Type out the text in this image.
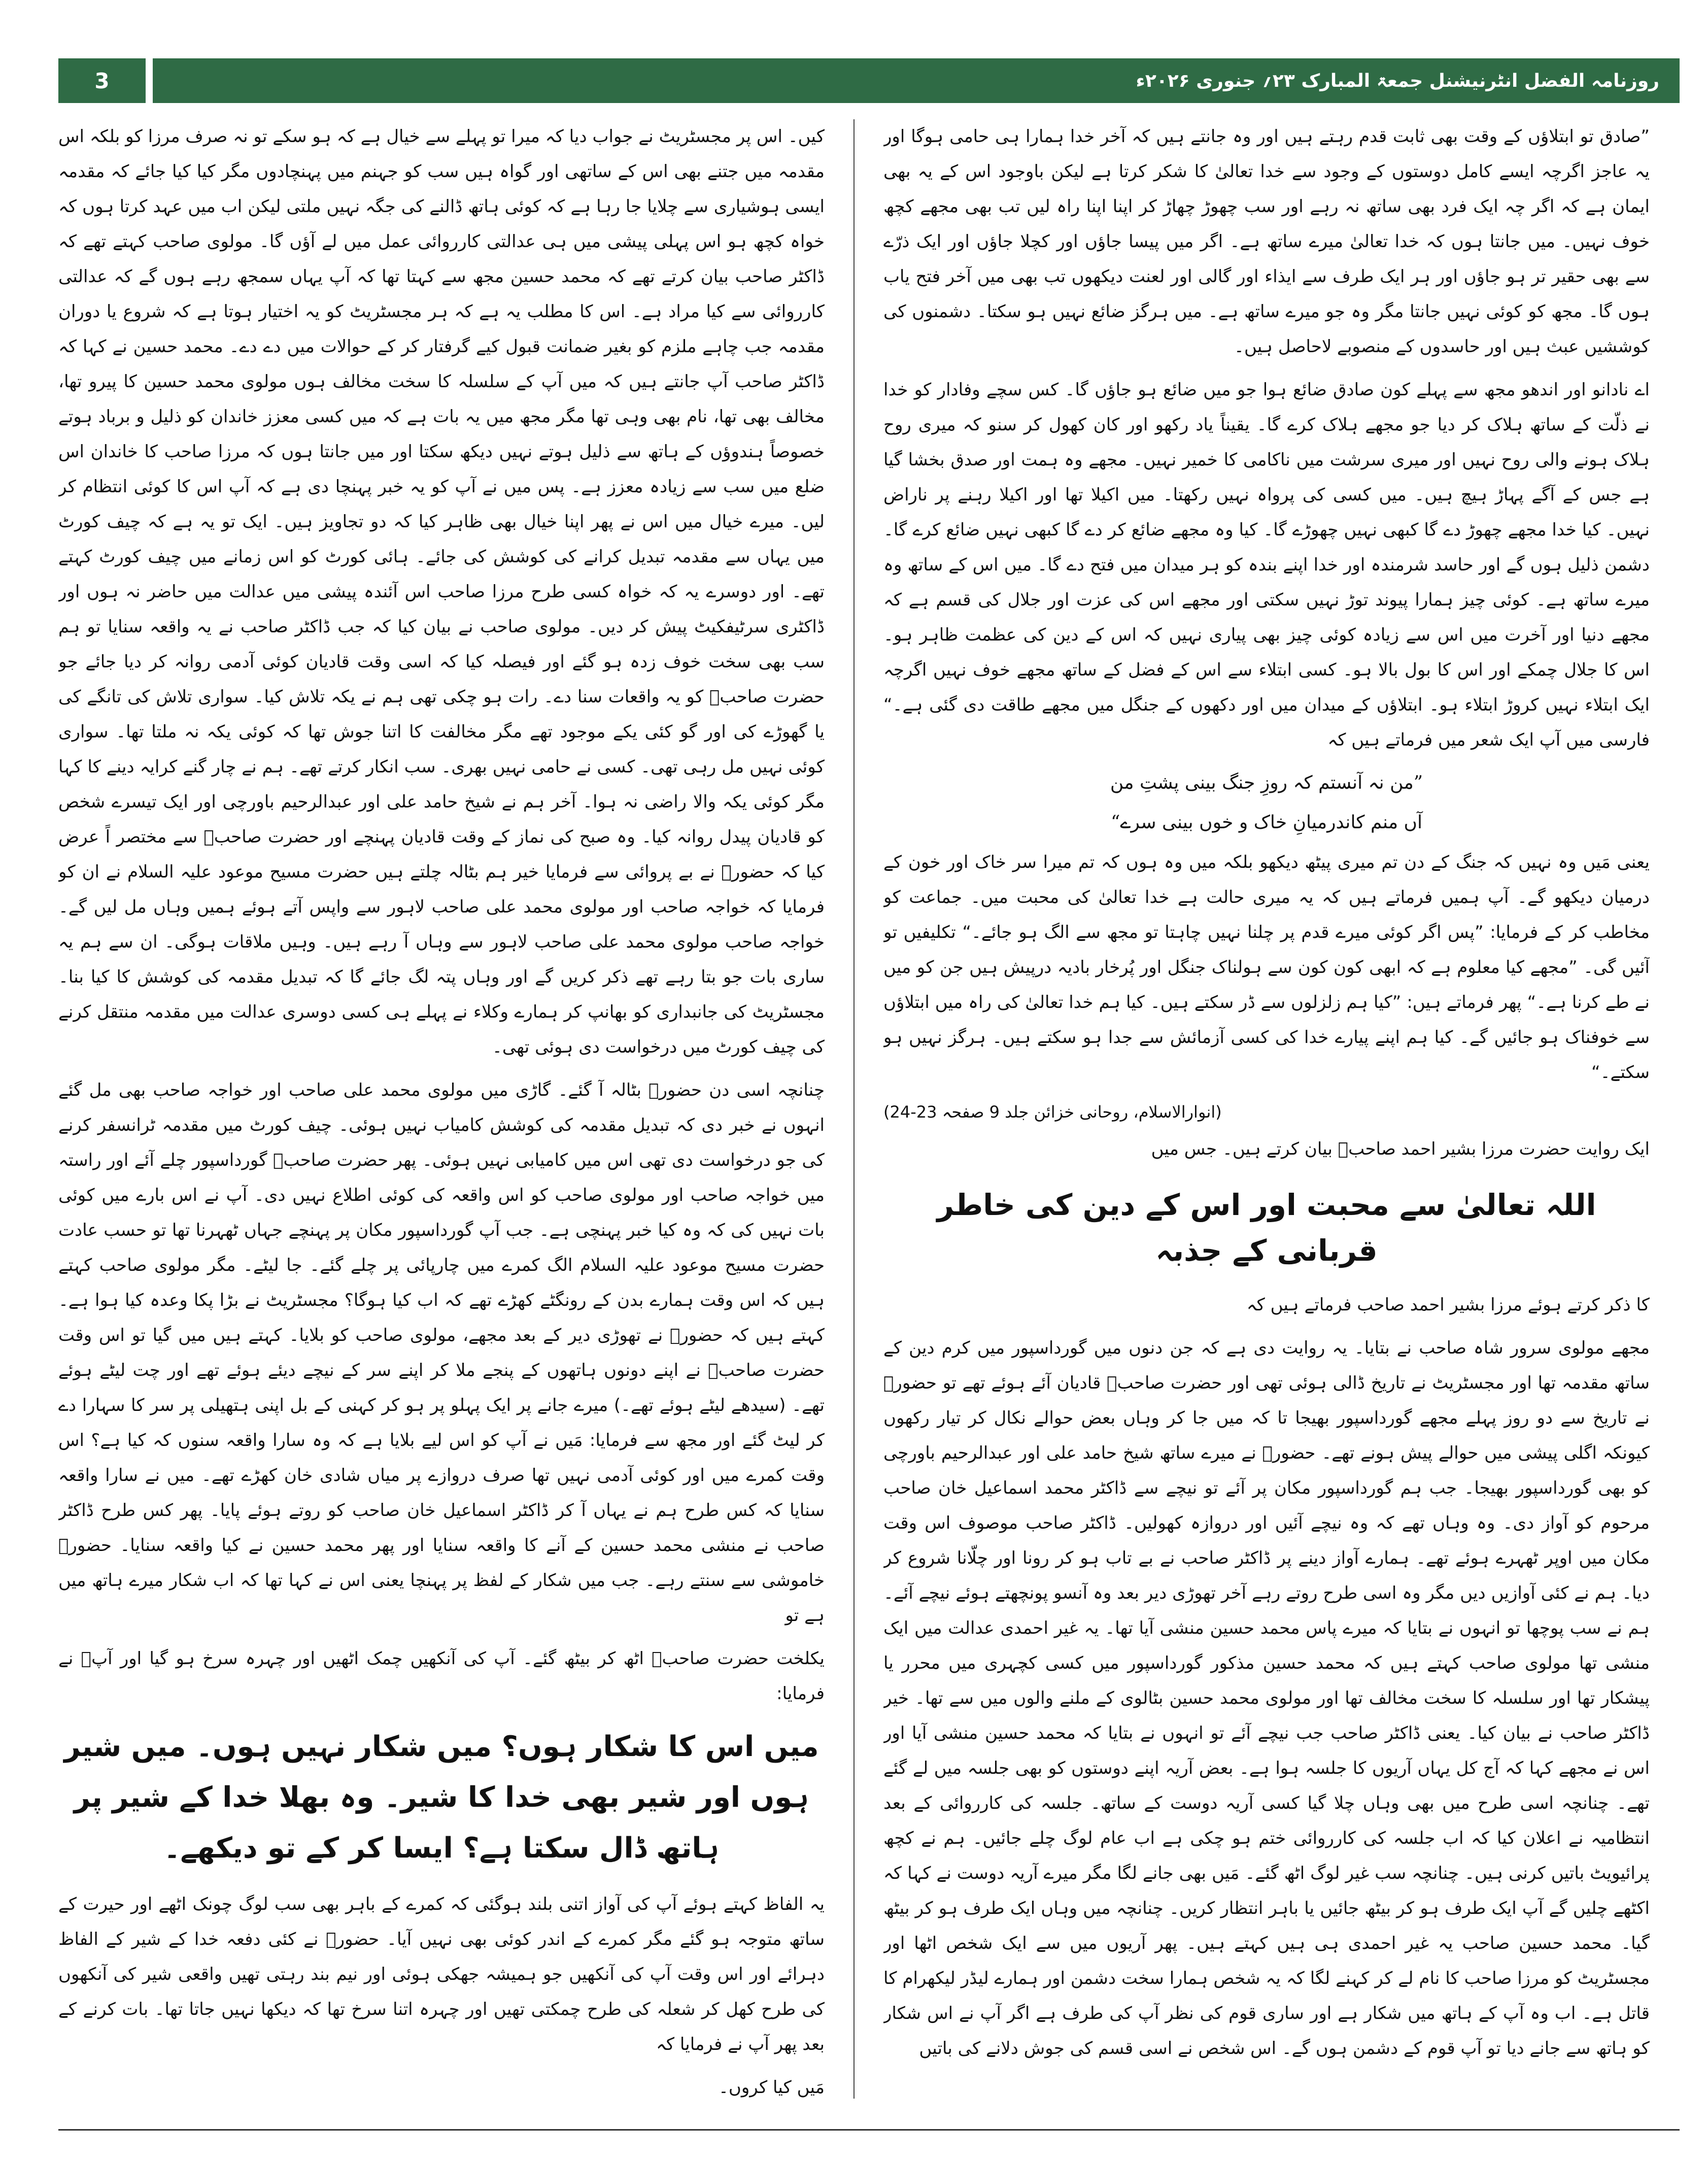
3	روزنامہ الفضل انٹرنیشنل جمعۃ المبارک ۲۳؍ جنوری ۲۰۲۶ء

”صادق تو ابتلاؤں کے وقت بھی ثابت قدم رہتے ہیں اور وہ جانتے ہیں کہ آخر خدا ہمارا ہی حامی ہوگا اور یہ عاجز اگرچہ ایسے کامل دوستوں کے وجود سے خدا تعالیٰ کا شکر کرتا ہے لیکن باوجود اس کے یہ بھی ایمان ہے کہ اگر چہ ایک فرد بھی ساتھ نہ رہے اور سب چھوڑ چھاڑ کر اپنا اپنا راہ لیں تب بھی مجھے کچھ خوف نہیں۔ میں جانتا ہوں کہ خدا تعالیٰ میرے ساتھ ہے۔ اگر میں پیسا جاؤں اور کچلا جاؤں اور ایک ذرّے سے بھی حقیر تر ہو جاؤں اور ہر ایک طرف سے ایذاء اور گالی اور لعنت دیکھوں تب بھی میں آخر فتح یاب ہوں گا۔ مجھ کو کوئی نہیں جانتا مگر وہ جو میرے ساتھ ہے۔ میں ہرگز ضائع نہیں ہو سکتا۔ دشمنوں کی کوششیں عبث ہیں اور حاسدوں کے منصوبے لاحاصل ہیں۔

اے نادانو اور اندھو مجھ سے پہلے کون صادق ضائع ہوا جو میں ضائع ہو جاؤں گا۔ کس سچے وفادار کو خدا نے ذلّت کے ساتھ ہلاک کر دیا جو مجھے ہلاک کرے گا۔ یقیناً یاد رکھو اور کان کھول کر سنو کہ میری روح ہلاک ہونے والی روح نہیں اور میری سرشت میں ناکامی کا خمیر نہیں۔ مجھے وہ ہمت اور صدق بخشا گیا ہے جس کے آگے پہاڑ ہیچ ہیں۔ میں کسی کی پرواہ نہیں رکھتا۔ میں اکیلا تھا اور اکیلا رہنے پر ناراض نہیں۔ کیا خدا مجھے چھوڑ دے گا کبھی نہیں چھوڑے گا۔ کیا وہ مجھے ضائع کر دے گا کبھی نہیں ضائع کرے گا۔ دشمن ذلیل ہوں گے اور حاسد شرمندہ اور خدا اپنے بندہ کو ہر میدان میں فتح دے گا۔ میں اس کے ساتھ وہ میرے ساتھ ہے۔ کوئی چیز ہمارا پیوند توڑ نہیں سکتی اور مجھے اس کی عزت اور جلال کی قسم ہے کہ مجھے دنیا اور آخرت میں اس سے زیادہ کوئی چیز بھی پیاری نہیں کہ اس کے دین کی عظمت ظاہر ہو۔ اس کا جلال چمکے اور اس کا بول بالا ہو۔ کسی ابتلاء سے اس کے فضل کے ساتھ مجھے خوف نہیں اگرچہ ایک ابتلاء نہیں کروڑ ابتلاء ہو۔ ابتلاؤں کے میدان میں اور دکھوں کے جنگل میں مجھے طاقت دی گئی ہے۔“ فارسی میں آپ ایک شعر میں فرماتے ہیں کہ

”من نہ آنستم کہ روزِ جنگ بینی پشتِ من
آں منم کاندرمیانِ خاک و خوں بینی سرے“

یعنی مَیں وہ نہیں کہ جنگ کے دن تم میری پیٹھ دیکھو بلکہ میں وہ ہوں کہ تم میرا سر خاک اور خون کے درمیان دیکھو گے۔ آپ ہمیں فرماتے ہیں کہ یہ میری حالت ہے خدا تعالیٰ کی محبت میں۔ جماعت کو مخاطب کر کے فرمایا: ”پس اگر کوئی میرے قدم پر چلنا نہیں چاہتا تو مجھ سے الگ ہو جائے۔“ تکلیفیں تو آئیں گی۔ ”مجھے کیا معلوم ہے کہ ابھی کون کون سے ہولناک جنگل اور پُرخار بادیہ درپیش ہیں جن کو میں نے طے کرنا ہے۔“ پھر فرماتے ہیں: ”کیا ہم زلزلوں سے ڈر سکتے ہیں۔ کیا ہم خدا تعالیٰ کی راہ میں ابتلاؤں سے خوفناک ہو جائیں گے۔ کیا ہم اپنے پیارے خدا کی کسی آزمائش سے جدا ہو سکتے ہیں۔ ہرگز نہیں ہو سکتے۔“

(انوارالاسلام، روحانی خزائن جلد 9 صفحہ 23-24)

ایک روایت حضرت مرزا بشیر احمد صاحبؓ بیان کرتے ہیں۔ جس میں

اللہ تعالیٰ سے محبت اور اس کے دین کی خاطر قربانی کے جذبہ

کا ذکر کرتے ہوئے مرزا بشیر احمد صاحب فرماتے ہیں کہ

مجھے مولوی سرور شاہ صاحب نے بتایا۔ یہ روایت دی ہے کہ جن دنوں میں گورداسپور میں کرم دین کے ساتھ مقدمہ تھا اور مجسٹریٹ نے تاریخ ڈالی ہوئی تھی اور حضرت صاحبؑ قادیان آئے ہوئے تھے تو حضورؑ نے تاریخ سے دو روز پہلے مجھے گورداسپور بھیجا تا کہ میں جا کر وہاں بعض حوالے نکال کر تیار رکھوں کیونکہ اگلی پیشی میں حوالے پیش ہونے تھے۔ حضورؑ نے میرے ساتھ شیخ حامد علی اور عبدالرحیم باورچی کو بھی گورداسپور بھیجا۔ جب ہم گورداسپور مکان پر آئے تو نیچے سے ڈاکٹر محمد اسماعیل خان صاحب مرحوم کو آواز دی۔ وہ وہاں تھے کہ وہ نیچے آئیں اور دروازہ کھولیں۔ ڈاکٹر صاحب موصوف اس وقت مکان میں اوپر ٹھہرے ہوئے تھے۔ ہمارے آواز دینے پر ڈاکٹر صاحب نے بے تاب ہو کر رونا اور چلّانا شروع کر دیا۔ ہم نے کئی آوازیں دیں مگر وہ اسی طرح روتے رہے آخر تھوڑی دیر بعد وہ آنسو پونچھتے ہوئے نیچے آئے۔ ہم نے سب پوچھا تو انہوں نے بتایا کہ میرے پاس محمد حسین منشی آیا تھا۔ یہ غیر احمدی عدالت میں ایک منشی تھا مولوی صاحب کہتے ہیں کہ محمد حسین مذکور گورداسپور میں کسی کچہری میں محرر یا پیشکار تھا اور سلسلہ کا سخت مخالف تھا اور مولوی محمد حسین بٹالوی کے ملنے والوں میں سے تھا۔ خیر ڈاکٹر صاحب نے بیان کیا۔ یعنی ڈاکٹر صاحب جب نیچے آئے تو انہوں نے بتایا کہ محمد حسین منشی آیا اور اس نے مجھے کہا کہ آج کل یہاں آریوں کا جلسہ ہوا ہے۔ بعض آریہ اپنے دوستوں کو بھی جلسہ میں لے گئے تھے۔ چنانچہ اسی طرح میں بھی وہاں چلا گیا کسی آریہ دوست کے ساتھ۔ جلسہ کی کارروائی کے بعد انتظامیہ نے اعلان کیا کہ اب جلسہ کی کارروائی ختم ہو چکی ہے اب عام لوگ چلے جائیں۔ ہم نے کچھ پرائیویٹ باتیں کرنی ہیں۔ چنانچہ سب غیر لوگ اٹھ گئے۔ مَیں بھی جانے لگا مگر میرے آریہ دوست نے کہا کہ اکٹھے چلیں گے آپ ایک طرف ہو کر بیٹھ جائیں یا باہر انتظار کریں۔ چنانچہ میں وہاں ایک طرف ہو کر بیٹھ گیا۔ محمد حسین صاحب یہ غیر احمدی ہی ہیں کہتے ہیں۔ پھر آریوں میں سے ایک شخص اٹھا اور مجسٹریٹ کو مرزا صاحب کا نام لے کر کہنے لگا کہ یہ شخص ہمارا سخت دشمن اور ہمارے لیڈر لیکھرام کا قاتل ہے۔ اب وہ آپ کے ہاتھ میں شکار ہے اور ساری قوم کی نظر آپ کی طرف ہے اگر آپ نے اس شکار کو ہاتھ سے جانے دیا تو آپ قوم کے دشمن ہوں گے۔ اس شخص نے اسی قسم کی جوش دلانے کی باتیں

کیں۔ اس پر مجسٹریٹ نے جواب دیا کہ میرا تو پہلے سے خیال ہے کہ ہو سکے تو نہ صرف مرزا کو بلکہ اس مقدمہ میں جتنے بھی اس کے ساتھی اور گواہ ہیں سب کو جہنم میں پہنچادوں مگر کیا کیا جائے کہ مقدمہ ایسی ہوشیاری سے چلایا جا رہا ہے کہ کوئی ہاتھ ڈالنے کی جگہ نہیں ملتی لیکن اب میں عہد کرتا ہوں کہ خواہ کچھ ہو اس پہلی پیشی میں ہی عدالتی کارروائی عمل میں لے آؤں گا۔ مولوی صاحب کہتے تھے کہ ڈاکٹر صاحب بیان کرتے تھے کہ محمد حسین مجھ سے کہتا تھا کہ آپ یہاں سمجھ رہے ہوں گے کہ عدالتی کارروائی سے کیا مراد ہے۔ اس کا مطلب یہ ہے کہ ہر مجسٹریٹ کو یہ اختیار ہوتا ہے کہ شروع یا دوران مقدمہ جب چاہے ملزم کو بغیر ضمانت قبول کیے گرفتار کر کے حوالات میں دے دے۔ محمد حسین نے کہا کہ ڈاکٹر صاحب آپ جانتے ہیں کہ میں آپ کے سلسلہ کا سخت مخالف ہوں مولوی محمد حسین کا پیرو تھا، مخالف بھی تھا، نام بھی وہی تھا مگر مجھ میں یہ بات ہے کہ میں کسی معزز خاندان کو ذلیل و برباد ہوتے خصوصاً ہندوؤں کے ہاتھ سے ذلیل ہوتے نہیں دیکھ سکتا اور میں جانتا ہوں کہ مرزا صاحب کا خاندان اس ضلع میں سب سے زیادہ معزز ہے۔ پس میں نے آپ کو یہ خبر پہنچا دی ہے کہ آپ اس کا کوئی انتظام کر لیں۔ میرے خیال میں اس نے پھر اپنا خیال بھی ظاہر کیا کہ دو تجاویز ہیں۔ ایک تو یہ ہے کہ چیف کورٹ میں یہاں سے مقدمہ تبدیل کرانے کی کوشش کی جائے۔ ہائی کورٹ کو اس زمانے میں چیف کورٹ کہتے تھے۔ اور دوسرے یہ کہ خواہ کسی طرح مرزا صاحب اس آئندہ پیشی میں عدالت میں حاضر نہ ہوں اور ڈاکٹری سرٹیفکیٹ پیش کر دیں۔ مولوی صاحب نے بیان کیا کہ جب ڈاکٹر صاحب نے یہ واقعہ سنایا تو ہم سب بھی سخت خوف زدہ ہو گئے اور فیصلہ کیا کہ اسی وقت قادیان کوئی آدمی روانہ کر دیا جائے جو حضرت صاحبؑ کو یہ واقعات سنا دے۔ رات ہو چکی تھی ہم نے یکہ تلاش کیا۔ سواری تلاش کی تانگے کی یا گھوڑے کی اور گو کئی یکے موجود تھے مگر مخالفت کا اتنا جوش تھا کہ کوئی یکہ نہ ملتا تھا۔ سواری کوئی نہیں مل رہی تھی۔ کسی نے حامی نہیں بھری۔ سب انکار کرتے تھے۔ ہم نے چار گنے کرایہ دینے کا کہا مگر کوئی یکہ والا راضی نہ ہوا۔ آخر ہم نے شیخ حامد علی اور عبدالرحیم باورچی اور ایک تیسرے شخص کو قادیان پیدل روانہ کیا۔ وہ صبح کی نماز کے وقت قادیان پہنچے اور حضرت صاحبؑ سے مختصر اً عرض کیا کہ حضورؑ نے بے پروائی سے فرمایا خیر ہم بٹالہ چلتے ہیں حضرت مسیح موعود علیہ السلام نے ان کو فرمایا کہ خواجہ صاحب اور مولوی محمد علی صاحب لاہور سے واپس آتے ہوئے ہمیں وہاں مل لیں گے۔ خواجہ صاحب مولوی محمد علی صاحب لاہور سے وہاں آ رہے ہیں۔ وہیں ملاقات ہوگی۔ ان سے ہم یہ ساری بات جو بتا رہے تھے ذکر کریں گے اور وہاں پتہ لگ جائے گا کہ تبدیل مقدمہ کی کوشش کا کیا بنا۔ مجسٹریٹ کی جانبداری کو بھانپ کر ہمارے وکلاء نے پہلے ہی کسی دوسری عدالت میں مقدمہ منتقل کرنے کی چیف کورٹ میں درخواست دی ہوئی تھی۔

چنانچہ اسی دن حضورؑ بٹالہ آ گئے۔ گاڑی میں مولوی محمد علی صاحب اور خواجہ صاحب بھی مل گئے انہوں نے خبر دی کہ تبدیل مقدمہ کی کوشش کامیاب نہیں ہوئی۔ چیف کورٹ میں مقدمہ ٹرانسفر کرنے کی جو درخواست دی تھی اس میں کامیابی نہیں ہوئی۔ پھر حضرت صاحبؑ گورداسپور چلے آئے اور راستہ میں خواجہ صاحب اور مولوی صاحب کو اس واقعہ کی کوئی اطلاع نہیں دی۔ آپ نے اس بارے میں کوئی بات نہیں کی کہ وہ کیا خبر پہنچی ہے۔ جب آپ گورداسپور مکان پر پہنچے جہاں ٹھہرنا تھا تو حسب عادت حضرت مسیح موعود علیہ السلام الگ کمرے میں چارپائی پر چلے گئے۔ جا لیٹے۔ مگر مولوی صاحب کہتے ہیں کہ اس وقت ہمارے بدن کے رونگٹے کھڑے تھے کہ اب کیا ہوگا؟ مجسٹریٹ نے بڑا پکا وعدہ کیا ہوا ہے۔ کہتے ہیں کہ حضورؑ نے تھوڑی دیر کے بعد مجھے، مولوی صاحب کو بلایا۔ کہتے ہیں میں گیا تو اس وقت حضرت صاحبؑ نے اپنے دونوں ہاتھوں کے پنجے ملا کر اپنے سر کے نیچے دیئے ہوئے تھے اور چت لیٹے ہوئے تھے۔ (سیدھے لیٹے ہوئے تھے۔) میرے جانے پر ایک پہلو پر ہو کر کہنی کے بل اپنی ہتھیلی پر سر کا سہارا دے کر لیٹ گئے اور مجھ سے فرمایا: مَیں نے آپ کو اس لیے بلایا ہے کہ وہ سارا واقعہ سنوں کہ کیا ہے؟ اس وقت کمرے میں اور کوئی آدمی نہیں تھا صرف دروازے پر میاں شادی خان کھڑے تھے۔ میں نے سارا واقعہ سنایا کہ کس طرح ہم نے یہاں آ کر ڈاکٹر اسماعیل خان صاحب کو روتے ہوئے پایا۔ پھر کس طرح ڈاکٹر صاحب نے منشی محمد حسین کے آنے کا واقعہ سنایا اور پھر محمد حسین نے کیا واقعہ سنایا۔ حضورؑ خاموشی سے سنتے رہے۔ جب میں شکار کے لفظ پر پہنچا یعنی اس نے کہا تھا کہ اب شکار میرے ہاتھ میں ہے تو

یکلخت حضرت صاحبؑ اٹھ کر بیٹھ گئے۔ آپ کی آنکھیں چمک اٹھیں اور چہرہ سرخ ہو گیا اور آپؑ نے فرمایا:

میں اس کا شکار ہوں؟ میں شکار نہیں ہوں۔ میں شیر ہوں اور شیر بھی خدا کا شیر۔ وہ بھلا خدا کے شیر پر ہاتھ ڈال سکتا ہے؟ ایسا کر کے تو دیکھے۔

یہ الفاظ کہتے ہوئے آپ کی آواز اتنی بلند ہوگئی کہ کمرے کے باہر بھی سب لوگ چونک اٹھے اور حیرت کے ساتھ متوجہ ہو گئے مگر کمرے کے اندر کوئی بھی نہیں آیا۔ حضورؑ نے کئی دفعہ خدا کے شیر کے الفاظ دہرائے اور اس وقت آپ کی آنکھیں جو ہمیشہ جھکی ہوئی اور نیم بند رہتی تھیں واقعی شیر کی آنکھوں کی طرح کھل کر شعلہ کی طرح چمکتی تھیں اور چہرہ اتنا سرخ تھا کہ دیکھا نہیں جاتا تھا۔ بات کرنے کے بعد پھر آپ نے فرمایا کہ

مَیں کیا کروں۔
